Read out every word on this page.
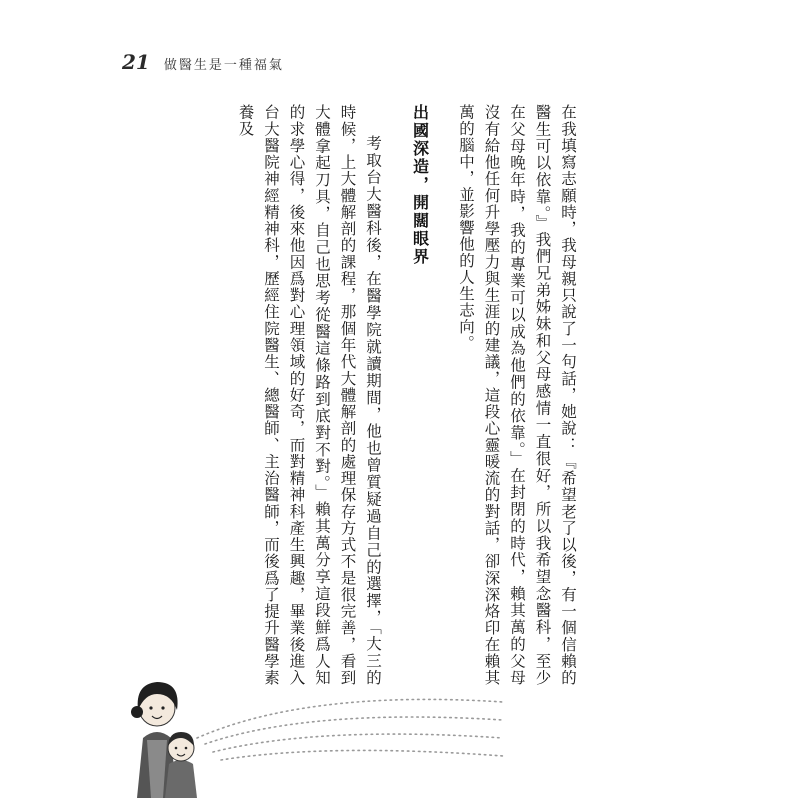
21 做醫生是一種福氣

在我填寫志願時，我母親只說了一句話，她說：『希望老了以後，有一個信賴的醫生可以依靠。』我們兄弟姊妹和父母感情一直很好，所以我希望念醫科，至少在父母晚年時，我的專業可以成為他們的依靠。」在封閉的時代，賴其萬的父母沒有給他任何升學壓力與生涯的建議，這段心靈暖流的對話，卻深深烙印在賴其萬的腦中，並影響他的人生志向。

出國深造，開闊眼界

考取台大醫科後，在醫學院就讀期間，他也曾質疑過自己的選擇，「大三的時候，上大體解剖的課程，那個年代大體解剖的處理保存方式不是很完善，看到大體拿起刀具，自己也思考從醫這條路到底對不對。」賴其萬分享這段鮮爲人知的求學心得，後來他因爲對心理領域的好奇，而對精神科產生興趣，畢業後進入台大醫院神經精神科，歷經住院醫生、總醫師、主治醫師，而後爲了提升醫學素養及
